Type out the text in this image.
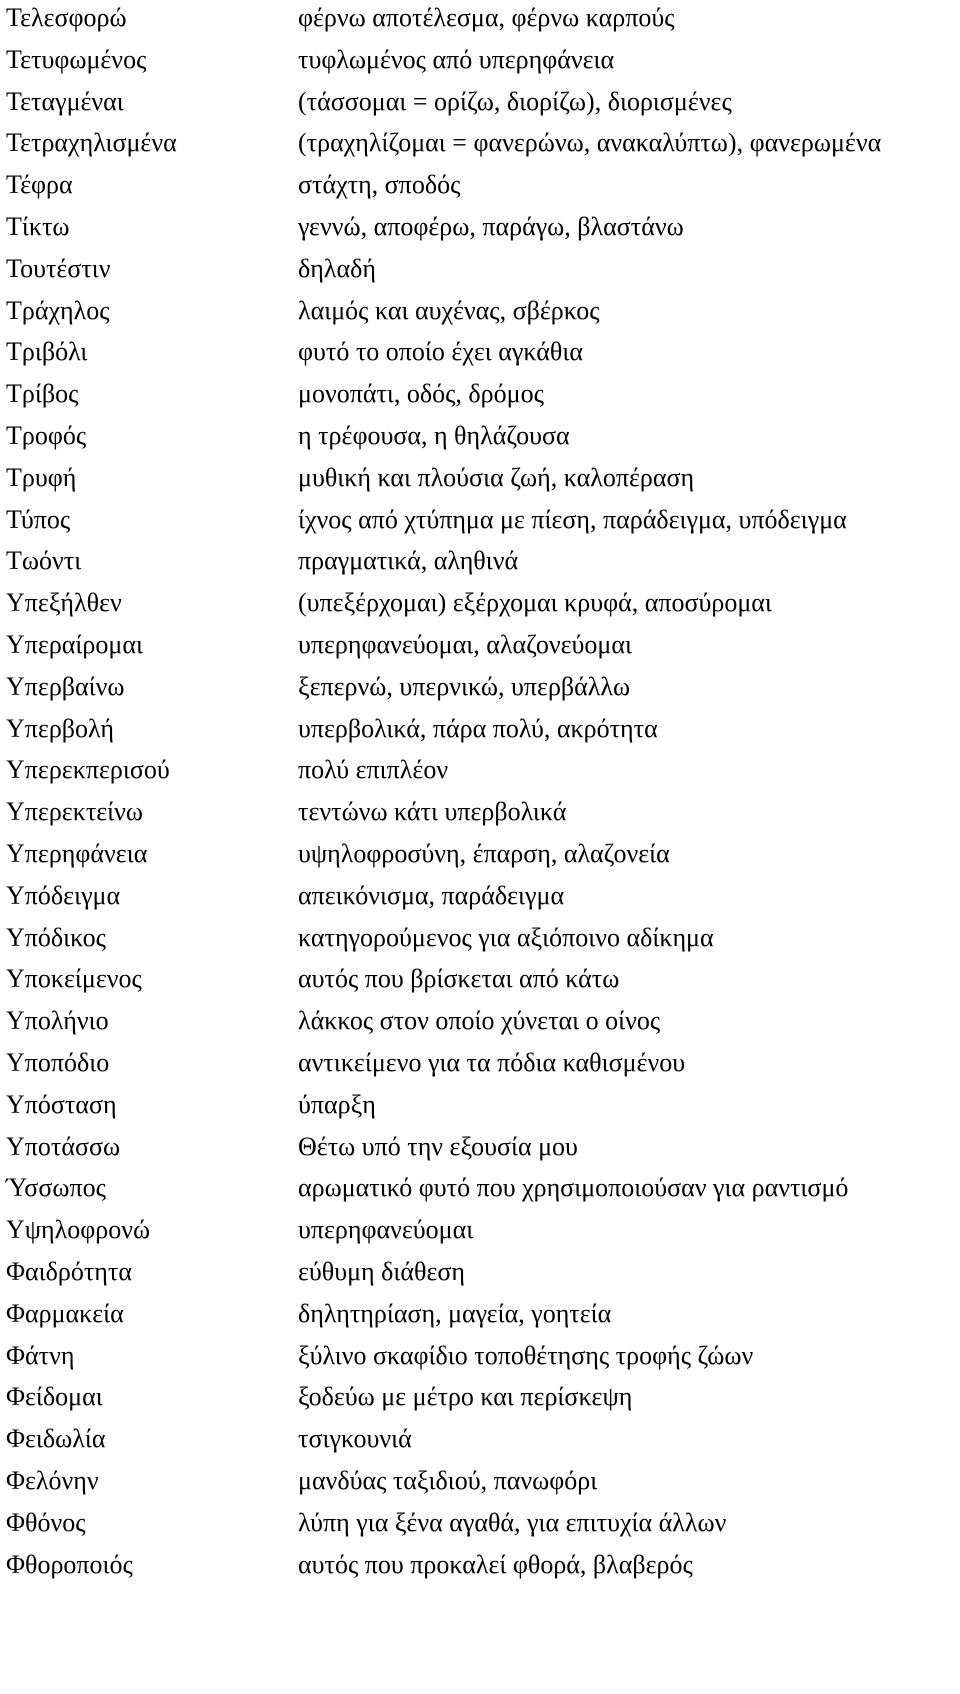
Τελεσφορώ	φέρνω αποτέλεσμα, φέρνω καρπούς
Τετυφωμένος	τυφλωμένος από υπερηφάνεια
Τεταγμέναι	(τάσσομαι = ορίζω, διορίζω), διορισμένες
Τετραχηλισμένα	(τραχηλίζομαι = φανερώνω, ανακαλύπτω), φανερωμένα
Τέφρα	στάχτη, σποδός
Τίκτω	γεννώ, αποφέρω, παράγω, βλαστάνω
Τουτέστιν	δηλαδή
Τράχηλος	λαιμός και αυχένας, σβέρκος
Τριβόλι	φυτό το οποίο έχει αγκάθια
Τρίβος	μονοπάτι, οδός, δρόμος
Τροφός	η τρέφουσα, η θηλάζουσα
Τρυφή	μυθική και πλούσια ζωή, καλοπέραση
Τύπος	ίχνος από χτύπημα με πίεση, παράδειγμα, υπόδειγμα
Τωόντι	πραγματικά, αληθινά
Υπεξήλθεν	(υπεξέρχομαι) εξέρχομαι κρυφά, αποσύρομαι
Υπεραίρομαι	υπερηφανεύομαι, αλαζονεύομαι
Υπερβαίνω	ξεπερνώ, υπερνικώ, υπερβάλλω
Υπερβολή	υπερβολικά, πάρα πολύ, ακρότητα
Υπερεκπερισού	πολύ επιπλέον
Υπερεκτείνω	τεντώνω κάτι υπερβολικά
Υπερηφάνεια	υψηλοφροσύνη, έπαρση, αλαζονεία
Υπόδειγμα	απεικόνισμα, παράδειγμα
Υπόδικος	κατηγορούμενος για αξιόποινο αδίκημα
Υποκείμενος	αυτός που βρίσκεται από κάτω
Υπολήνιο	λάκκος στον οποίο χύνεται ο οίνος
Υποπόδιο	αντικείμενο για τα πόδια καθισμένου
Υπόσταση	ύπαρξη
Υποτάσσω	Θέτω υπό την εξουσία μου
Ύσσωπος	αρωματικό φυτό που χρησιμοποιούσαν για ραντισμό
Υψηλοφρονώ	υπερηφανεύομαι
Φαιδρότητα	εύθυμη διάθεση
Φαρμακεία	δηλητηρίαση, μαγεία, γοητεία
Φάτνη	ξύλινο σκαφίδιο τοποθέτησης τροφής ζώων
Φείδομαι	ξοδεύω με μέτρο και περίσκεψη
Φειδωλία	τσιγκουνιά
Φελόνην	μανδύας ταξιδιού, πανωφόρι
Φθόνος	λύπη για ξένα αγαθά, για επιτυχία άλλων
Φθοροποιός	αυτός που προκαλεί φθορά, βλαβερός
